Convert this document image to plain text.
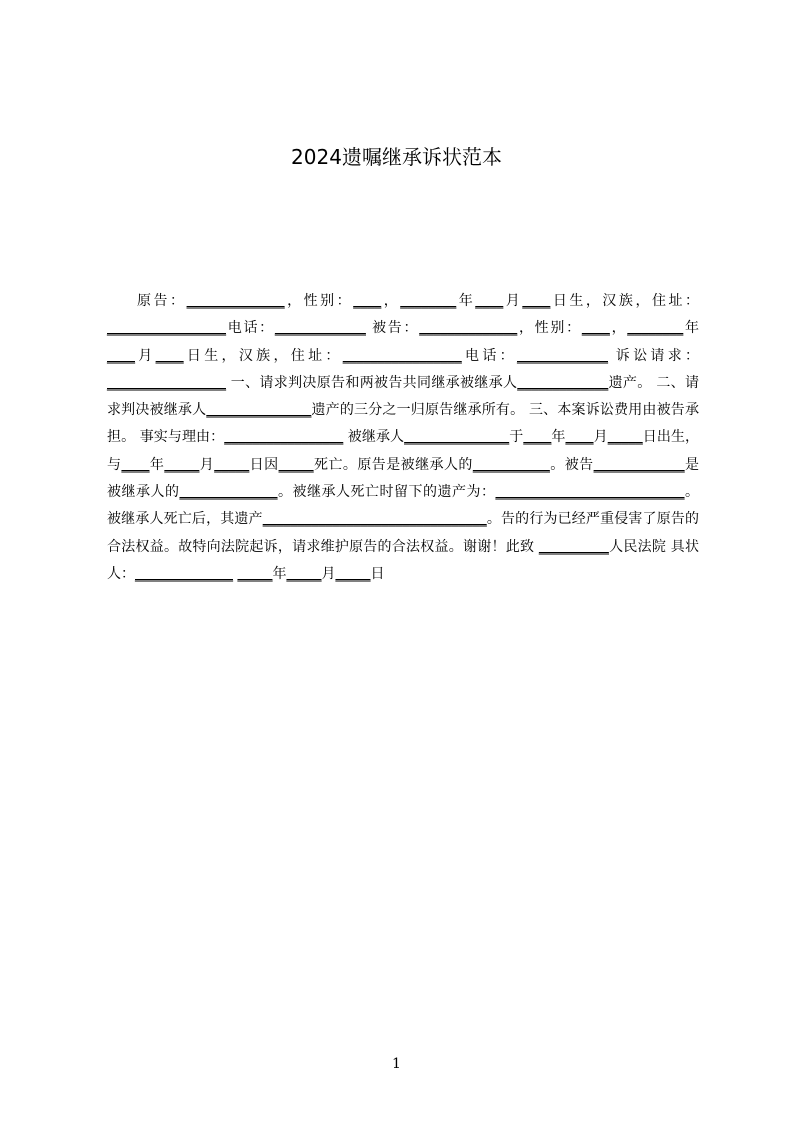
2024遗嘱继承诉状范本

原告：______________，性别：____，________年____月____日生，汉族，住址：_________________电话：_____________ 被告：______________，性别：____，________年____月____日生，汉族，住址：_________________电话：_____________ 诉讼请求：_________________ 一、请求判决原告和两被告共同继承被继承人_____________遗产。 二、请求判决被继承人_______________遗产的三分之一归原告继承所有。 三、本案诉讼费用由被告承担。 事实与理由：_________________ 被继承人_______________于____年____月_____日出生，与____年_____月_____日因_____死亡。原告是被继承人的___________。被告_____________是被继承人的______________。被继承人死亡时留下的遗产为：___________________________。 被继承人死亡后，其遗产________________________________。告的行为已经严重侵害了原告的合法权益。故特向法院起诉，请求维护原告的合法权益。谢谢！此致 __________人民法院 具状人：______________ _____年_____月_____日

1
